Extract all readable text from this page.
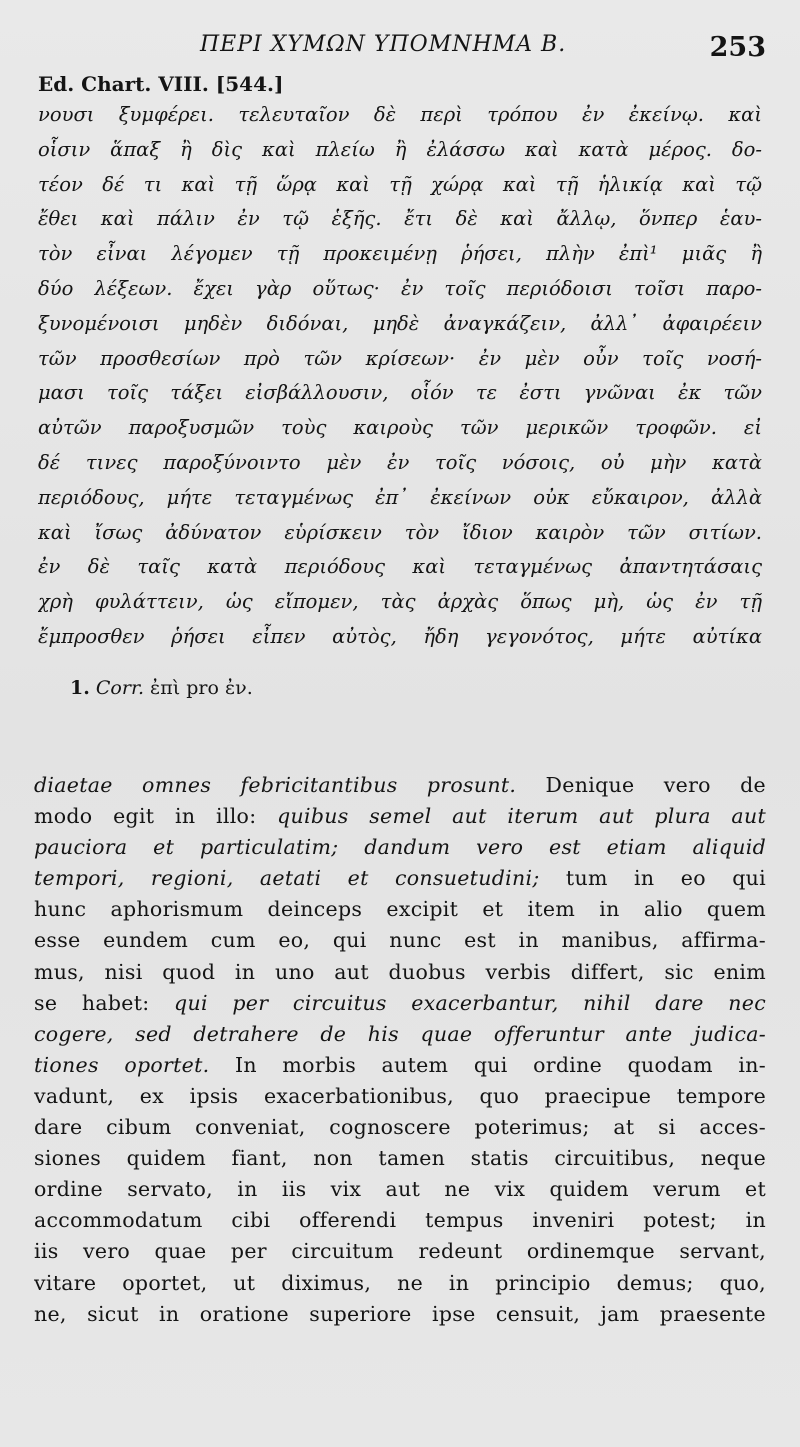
ΠΕΡΙ ΧΥΜΩΝ ΥΠΟΜΝΗΜΑ Β.	253
Ed. Chart. VIII. [544.]
νουσι ξυμφέρει. τελευταῖον δὲ περὶ τρόπου ἐν ἐκείνῳ. καὶ
οἷσιν ἅπαξ ἢ δὶς καὶ πλείω ἢ ἐλάσσω καὶ κατὰ μέρος. δο-
τέον δέ τι καὶ τῇ ὥρᾳ καὶ τῇ χώρᾳ καὶ τῇ ἡλικίᾳ καὶ τῷ
ἔθει καὶ πάλιν ἐν τῷ ἑξῆς. ἔτι δὲ καὶ ἄλλῳ, ὅνπερ ἑαυ-
τὸν εἶναι λέγομεν τῇ προκειμένῃ ῥήσει, πλὴν ἐπὶ¹ μιᾶς ἢ
δύο λέξεων. ἔχει γὰρ οὕτως· ἐν τοῖς περιόδοισι τοῖσι παρο-
ξυνομένοισι μηδὲν διδόναι, μηδὲ ἀναγκάζειν, ἀλλ᾽ ἀφαιρέειν
τῶν προσθεσίων πρὸ τῶν κρίσεων· ἐν μὲν οὖν τοῖς νοσή-
μασι τοῖς τάξει εἰσβάλλουσιν, οἷόν τε ἐστι γνῶναι ἐκ τῶν
αὐτῶν παροξυσμῶν τοὺς καιροὺς τῶν μερικῶν τροφῶν. εἰ
δέ τινες παροξύνοιντο μὲν ἐν τοῖς νόσοις, οὐ μὴν κατὰ
περιόδους, μήτε τεταγμένως ἐπ᾽ ἐκείνων οὐκ εὔκαιρον, ἀλλὰ
καὶ ἴσως ἀδύνατον εὑρίσκειν τὸν ἴδιον καιρὸν τῶν σιτίων.
ἐν δὲ ταῖς κατὰ περιόδους καὶ τεταγμένως ἀπαντητάσαις
χρὴ φυλάττειν, ὡς εἴπομεν, τὰς ἀρχὰς ὅπως μὴ, ὡς ἐν τῇ
ἔμπροσθεν ῥήσει εἶπεν αὐτὸς, ἤδη γεγονότος, μήτε αὐτίκα
1. Corr. ἐπὶ pro ἐν.
diaetae omnes febricitantibus prosunt. Denique vero de
modo egit in illo: quibus semel aut iterum aut plura aut
pauciora et particulatim; dandum vero est etiam aliquid
tempori, regioni, aetati et consuetudini; tum in eo qui
hunc aphorismum deinceps excipit et item in alio quem
esse eundem cum eo, qui nunc est in manibus, affirma-
mus, nisi quod in uno aut duobus verbis differt, sic enim
se habet: qui per circuitus exacerbantur, nihil dare nec
cogere, sed detrahere de his quae offeruntur ante judica-
tiones oportet. In morbis autem qui ordine quodam in-
vadunt, ex ipsis exacerbationibus, quo praecipue tempore
dare cibum conveniat, cognoscere poterimus; at si acces-
siones quidem fiant, non tamen statis circuitibus, neque
ordine servato, in iis vix aut ne vix quidem verum et
accommodatum cibi offerendi tempus inveniri potest; in
iis vero quae per circuitum redeunt ordinemque servant,
vitare oportet, ut diximus, ne in principio demus; quo,
ne, sicut in oratione superiore ipse censuit, jam praesente
